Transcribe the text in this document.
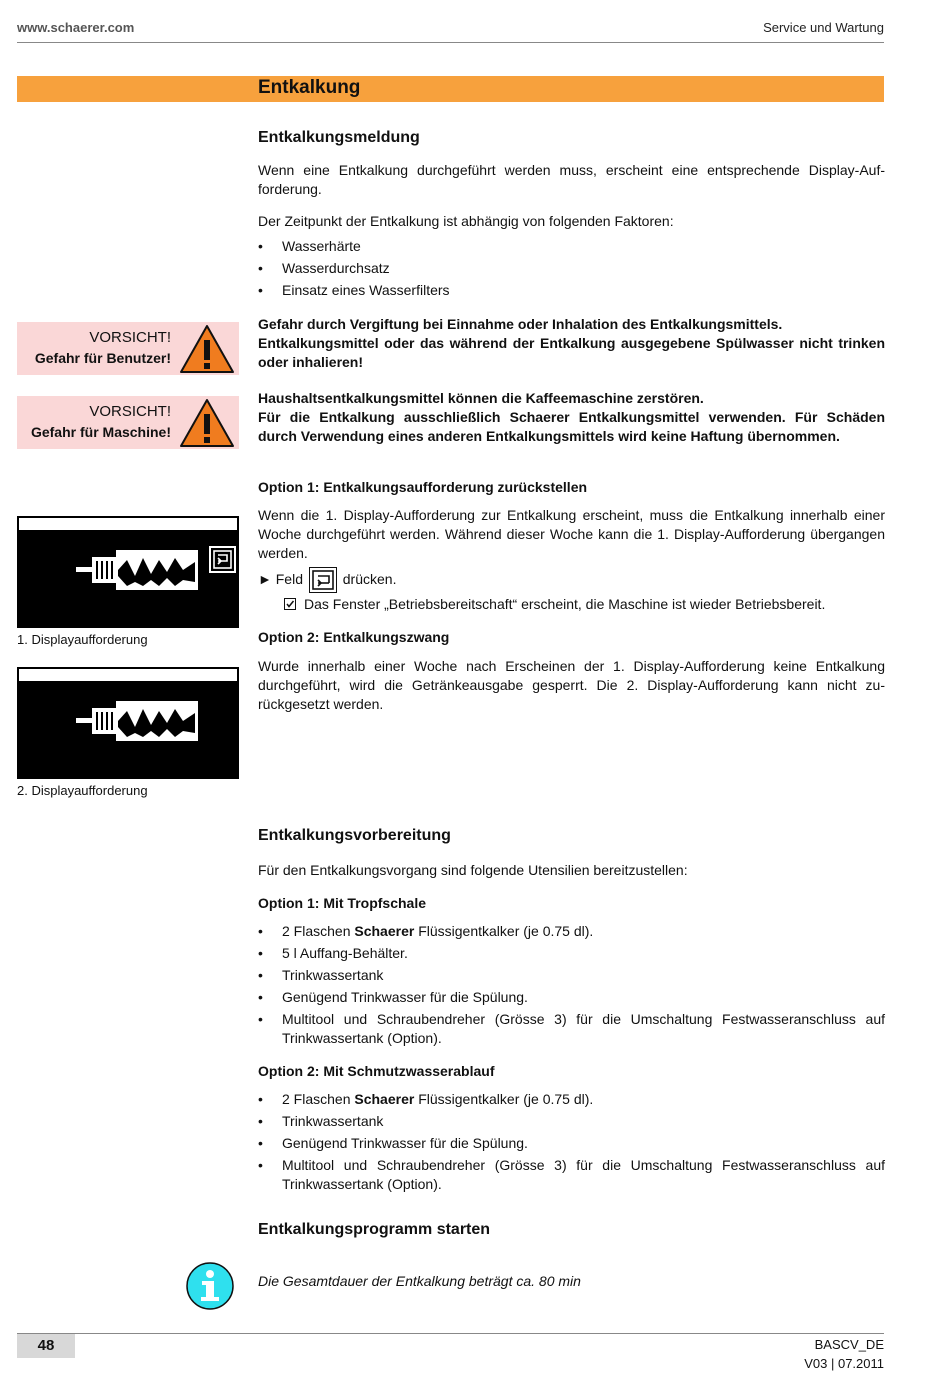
www.schaerer.com	Service und Wartung
Entkalkung
Entkalkungsmeldung
Wenn eine Entkalkung durchgeführt werden muss, erscheint eine entsprechende Display-Aufforderung.
Der Zeitpunkt der Entkalkung ist abhängig von folgenden Faktoren:
• Wasserhärte
• Wasserdurchsatz
• Einsatz eines Wasserfilters
VORSICHT!
Gefahr für Benutzer!
Gefahr durch Vergiftung bei Einnahme oder Inhalation des Entkalkungsmittels.
Entkalkungsmittel oder das während der Entkalkung ausgegebene Spülwasser nicht trinken oder inhalieren!
VORSICHT!
Gefahr für Maschine!
Haushaltsentkalkungsmittel können die Kaffeemaschine zerstören.
Für die Entkalkung ausschließlich Schaerer Entkalkungsmittel verwenden. Für Schäden durch Verwendung eines anderen Entkalkungsmittels wird keine Haftung übernommen.
Option 1: Entkalkungsaufforderung zurückstellen
Wenn die 1. Display-Aufforderung zur Entkalkung erscheint, muss die Entkalkung innerhalb einer Woche durchgeführt werden. Während dieser Woche kann die 1. Display-Aufforderung übergangen werden.
► Feld	drücken.
Das Fenster „Betriebsbereitschaft“ erscheint, die Maschine ist wieder Betriebsbereit.
1. Displayaufforderung	Option 2: Entkalkungszwang
Wurde innerhalb einer Woche nach Erscheinen der 1. Display-Aufforderung keine Entkalkung durchgeführt, wird die Getränkeausgabe gesperrt. Die 2. Display-Aufforderung kann nicht zurückgesetzt werden.
2. Displayaufforderung
Entkalkungsvorbereitung
Für den Entkalkungsvorgang sind folgende Utensilien bereitzustellen:
Option 1: Mit Tropfschale
• 2 Flaschen Schaerer Flüssigentkalker (je 0.75 dl).
• 5 l Auffang-Behälter.
• Trinkwassertank
• Genügend Trinkwasser für die Spülung.
• Multitool und Schraubendreher (Grösse 3) für die Umschaltung Festwasseranschluss auf Trinkwassertank (Option).
Option 2: Mit Schmutzwasserablauf
• 2 Flaschen Schaerer Flüssigentkalker (je 0.75 dl).
• Trinkwassertank
• Genügend Trinkwasser für die Spülung.
• Multitool und Schraubendreher (Grösse 3) für die Umschaltung Festwasseranschluss auf Trinkwassertank (Option).
Entkalkungsprogramm starten
Die Gesamtdauer der Entkalkung beträgt ca. 80 min
48	BASCV_DE
V03 | 07.2011
